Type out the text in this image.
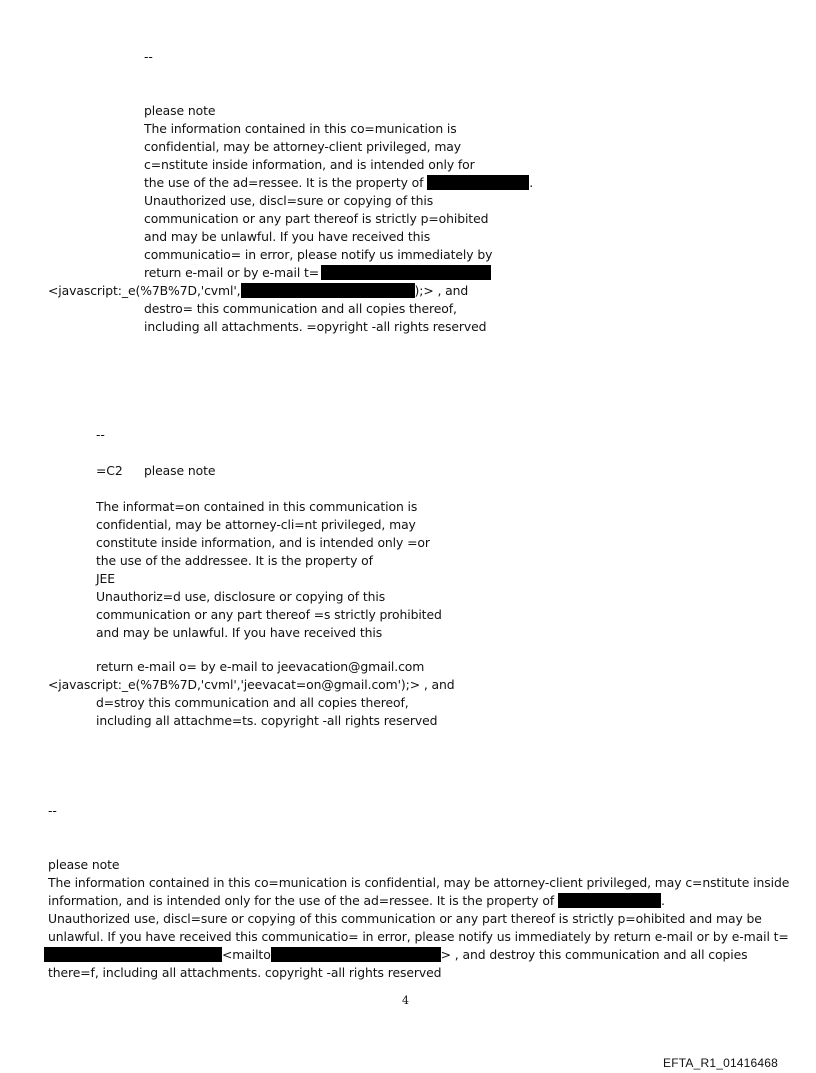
--
please note
The information contained in this co=munication is
confidential, may be attorney-client privileged, may
c=nstitute inside information, and is intended only for
the use of the ad=ressee. It is the property of	.
Unauthorized use, discl=sure or copying of this
communication or any part thereof is strictly p=ohibited
and may be unlawful. If you have received this
communicatio= in error, please notify us immediately by
return e-mail or by e-mail t=
<javascript:_e(%7B%7D,'cvml',	);> , and
destro= this communication and all copies thereof,
including all attachments. =opyright -all rights reserved
--
=C2 please note
The informat=on contained in this communication is
confidential, may be attorney-cli=nt privileged, may
constitute inside information, and is intended only =or
the use of the addressee. It is the property of
JEE
Unauthoriz=d use, disclosure or copying of this
communication or any part thereof =s strictly prohibited
and may be unlawful. If you have received this
return e-mail o= by e-mail to jeevacation@gmail.com
<javascript:_e(%7B%7D,'cvml','jeevacat=on@gmail.com');> , and
d=stroy this communication and all copies thereof,
including all attachme=ts. copyright -all rights reserved
--
please note
The information contained in this co=munication is confidential, may be attorney-client privileged, may c=nstitute inside
information, and is intended only for the use of the ad=ressee. It is the property of	.
Unauthorized use, discl=sure or copying of this communication or any part thereof is strictly p=ohibited and may be
unlawful. If you have received this communicatio= in error, please notify us immediately by return e-mail or by e-mail t=
<mailto	> , and destroy this communication and all copies
there=f, including all attachments. copyright -all rights reserved
4
EFTA_R1_01416468
